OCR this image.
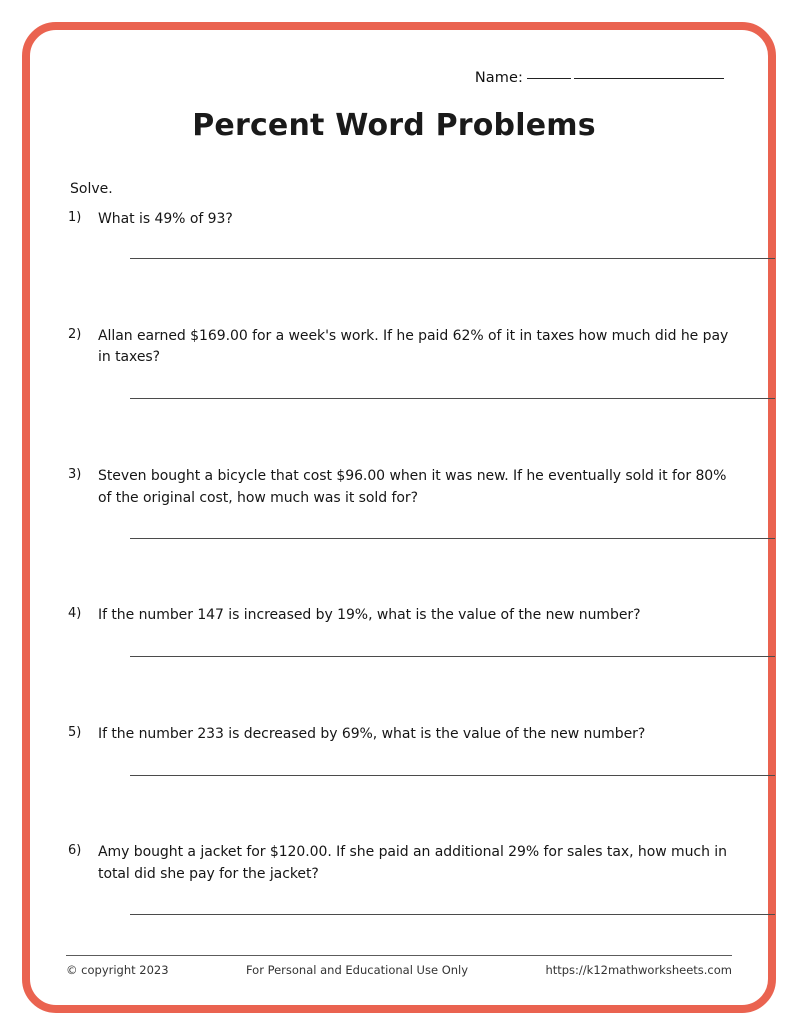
Name:
Percent Word Problems
Solve.
1) What is 49% of 93?
2) Allan earned $169.00 for a week's work. If he paid 62% of it in taxes how much did he pay in taxes?
3) Steven bought a bicycle that cost $96.00 when it was new. If he eventually sold it for 80% of the original cost, how much was it sold for?
4) If the number 147 is increased by 19%, what is the value of the new number?
5) If the number 233 is decreased by 69%, what is the value of the new number?
6) Amy bought a jacket for $120.00. If she paid an additional 29% for sales tax, how much in total did she pay for the jacket?
© copyright 2023	For Personal and Educational Use Only	https://k12mathworksheets.com
